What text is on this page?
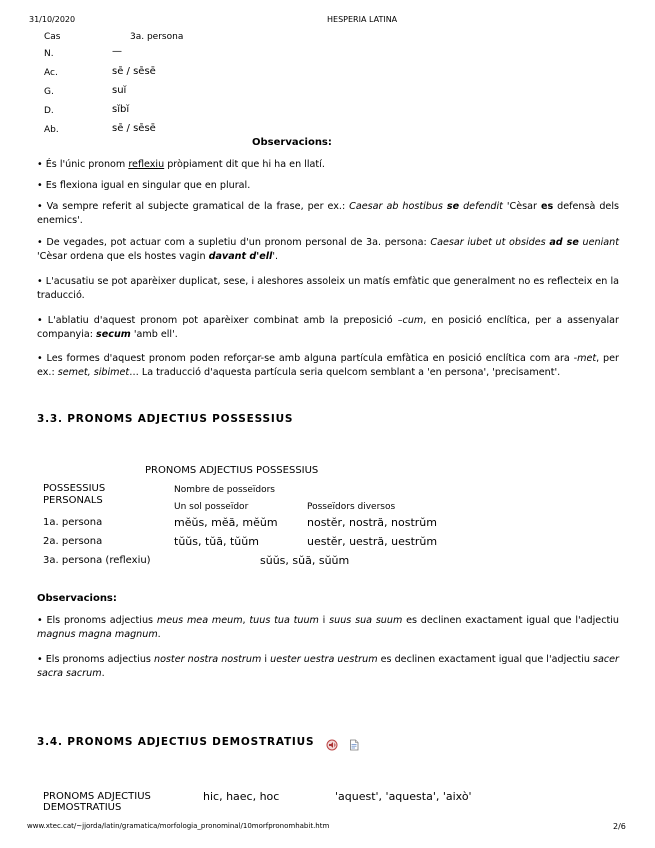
31/10/2020	HESPERIA LATINA
Cas	3a. persona
N.	—
Ac.	sē / sēsē
G.	suĭ
D.	sĭbĭ
Ab.	sē / sēsē
Observacions:
• És l'únic pronom reflexiu pròpiament dit que hi ha en llatí.
• Es flexiona igual en singular que en plural.
• Va sempre referit al subjecte gramatical de la frase, per ex.: Caesar ab hostibus se defendit 'Cèsar es defensà dels enemics'.
• De vegades, pot actuar com a supletiu d'un pronom personal de 3a. persona: Caesar iubet ut obsides ad se ueniant 'Cèsar ordena que els hostes vagin davant d'ell'.
• L'acusatiu se pot aparèixer duplicat, sese, i aleshores assoleix un matís emfàtic que generalment no es reflecteix en la traducció.
• L'ablatiu d'aquest pronom pot aparèixer combinat amb la preposició –cum, en posició enclítica, per a assenyalar companyia: secum 'amb ell'.
• Les formes d'aquest pronom poden reforçar-se amb alguna partícula emfàtica en posició enclítica com ara -met, per ex.: semet, sibimet… La traducció d'aquesta partícula seria quelcom semblant a 'en persona', 'precisament'.
3.3. PRONOMS ADJECTIUS POSSESSIUS
PRONOMS ADJECTIUS POSSESSIUS
POSSESSIUS
PERSONALS
Nombre de posseïdors
Un sol posseïdor	Posseïdors diversos
1a. persona	mĕŭs, mĕă, mĕŭm	nostĕr, nostră, nostrŭm
2a. persona	tŭŭs, tŭă, tŭŭm	uestĕr, uestră, uestrŭm
3a. persona (reflexiu)	sŭŭs, sŭă, sŭŭm
Observacions:
• Els pronoms adjectius meus mea meum, tuus tua tuum i suus sua suum es declinen exactament igual que l'adjectiu magnus magna magnum.
• Els pronoms adjectius noster nostra nostrum i uester uestra uestrum es declinen exactament igual que l'adjectiu sacer sacra sacrum.
3.4. PRONOMS ADJECTIUS DEMOSTRATIUS
PRONOMS ADJECTIUS
DEMOSTRATIUS
hic, haec, hoc	'aquest', 'aquesta', 'això'
www.xtec.cat/~jjorda/latin/gramatica/morfologia_pronominal/10morfpronomhabit.htm	2/6
